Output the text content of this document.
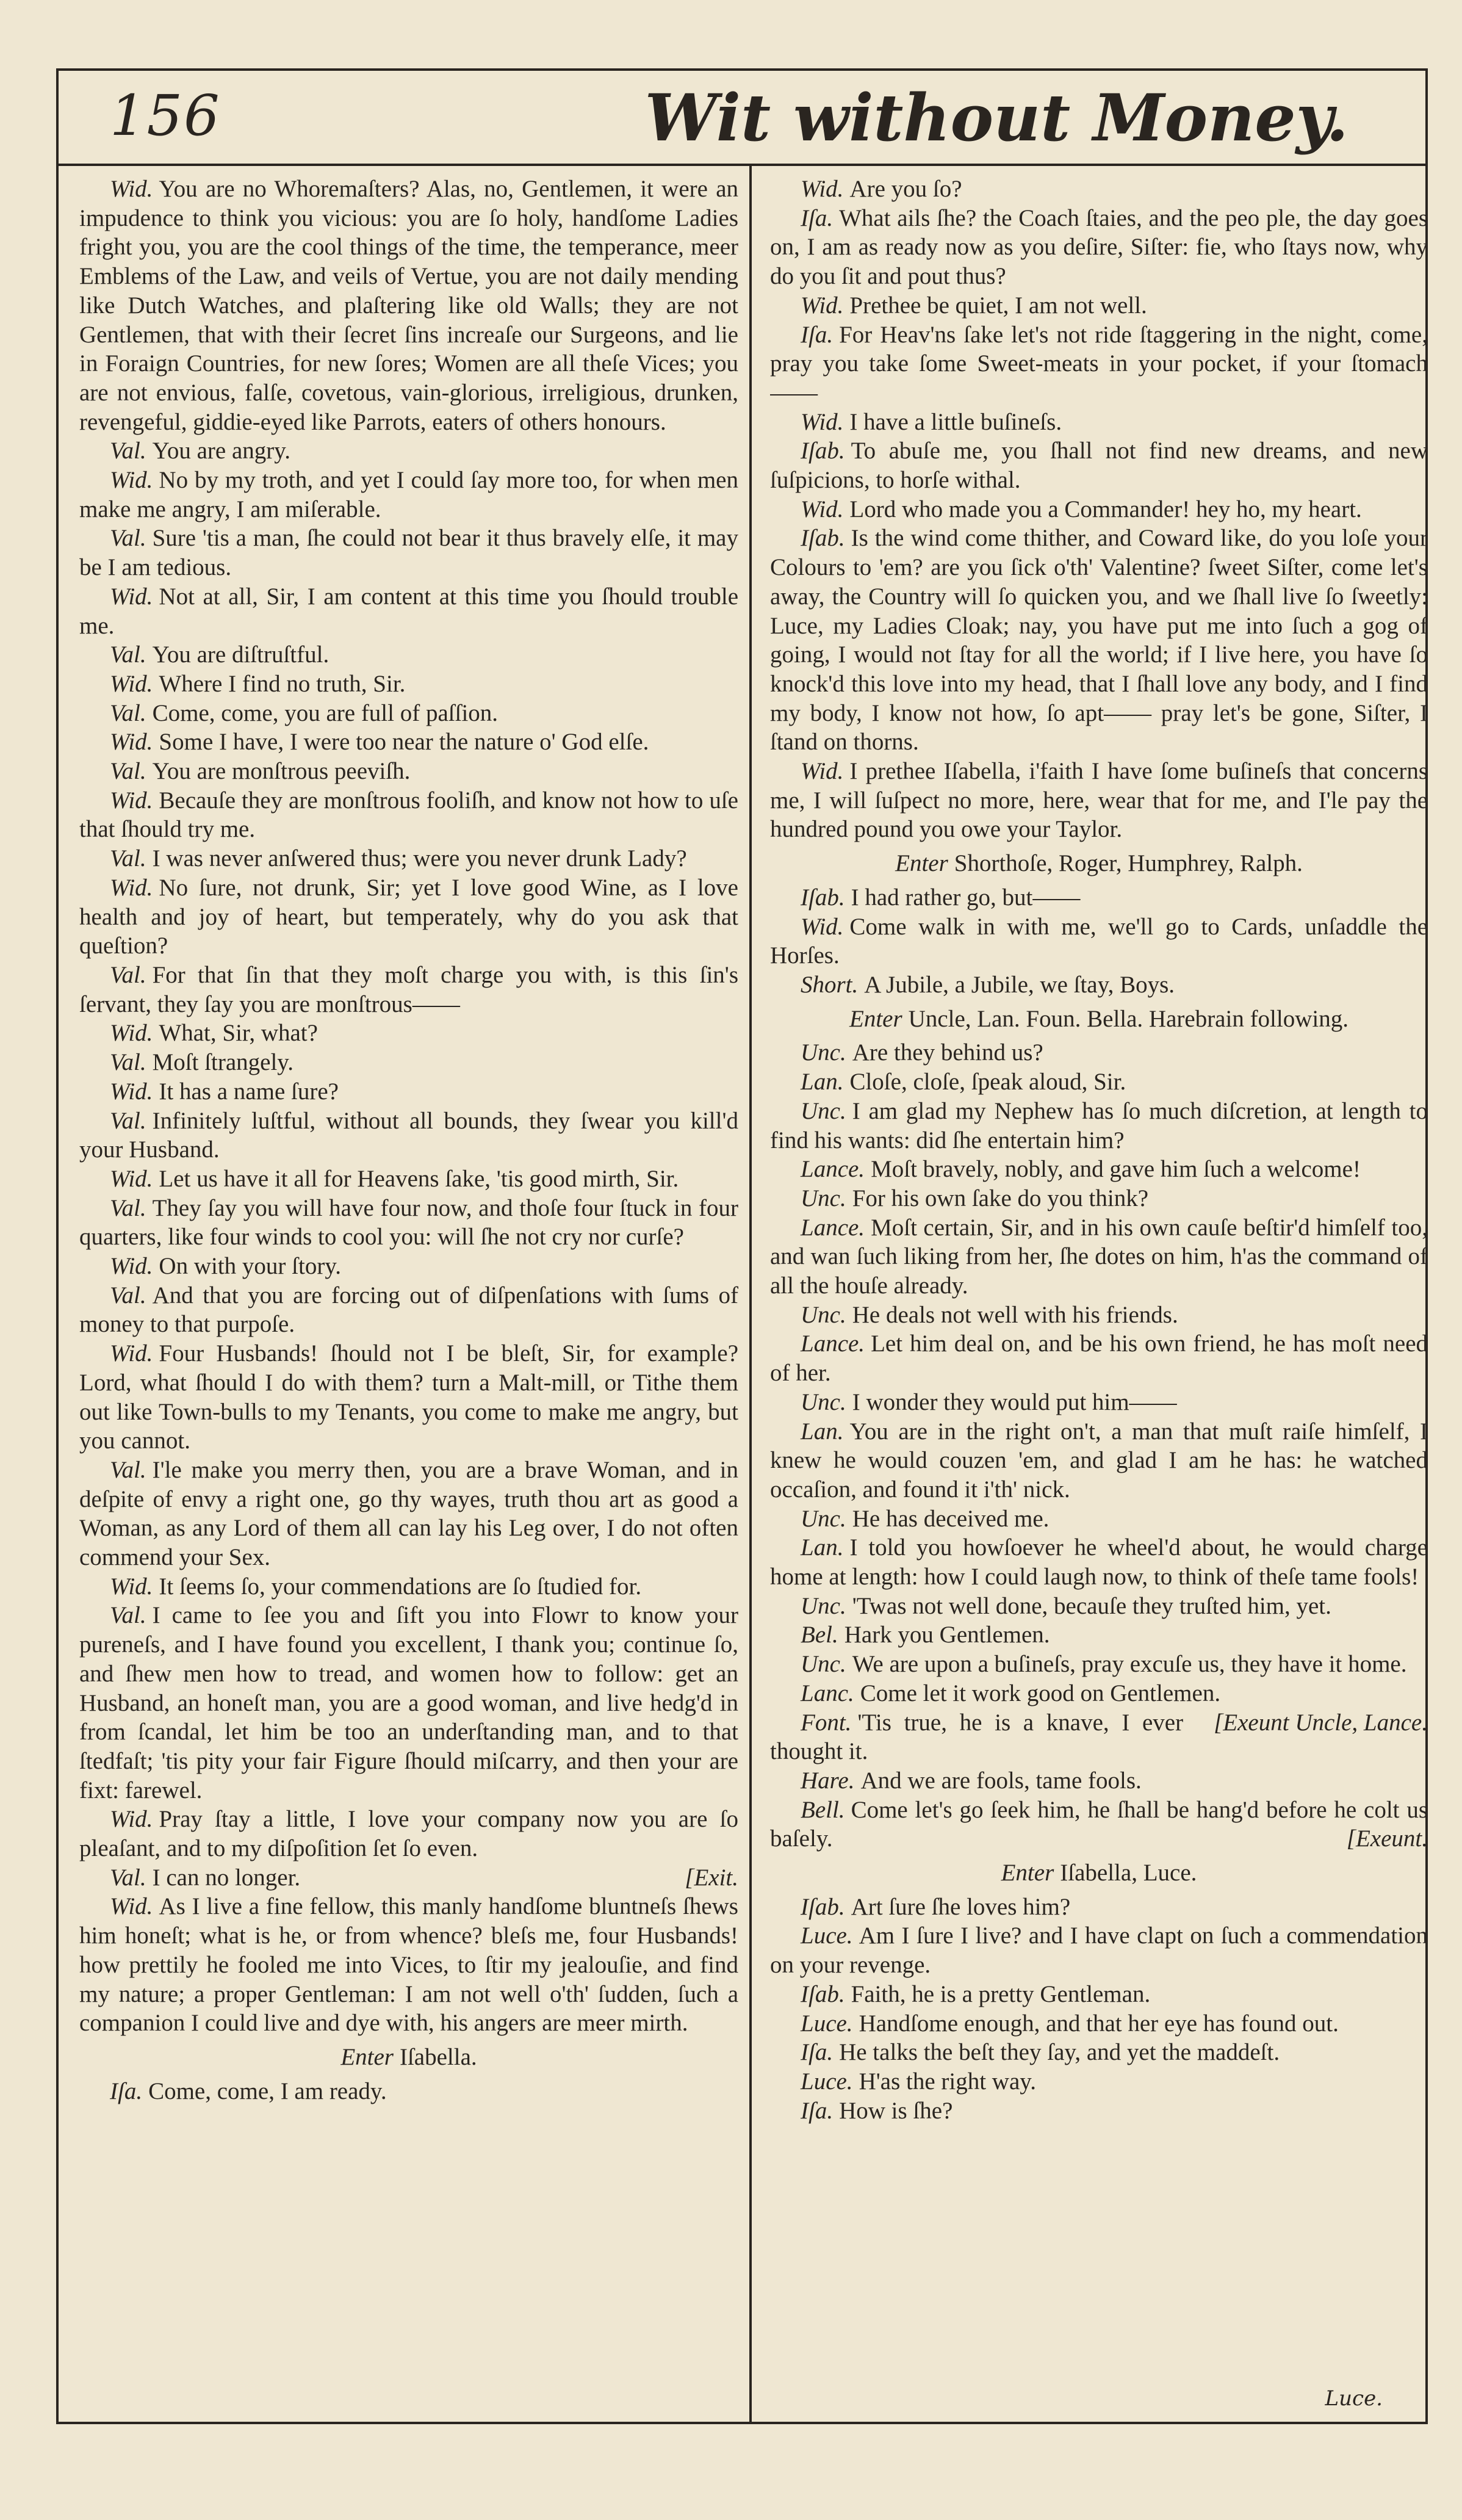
156	Wit without Money.

Wid. You are no Whoremaſters? Alas, no, Gentlemen, it were an impudence to think you vicious: you are ſo holy, handſome Ladies fright you, you are the cool things of the time, the temperance, meer Emblems of the Law, and veils of Vertue, you are not daily mending like Dutch Watches, and plaſtering like old Walls; they are not Gentlemen, that with their ſecret ſins increaſe our Surgeons, and lie in Foraign Countries, for new ſores; Women are all theſe Vices; you are not envious, falſe, covetous, vain-glorious, irreligious, drunken, revengeful, giddie-eyed like Parrots, eaters of others honours.

Val. You are angry.

Wid. No by my troth, and yet I could ſay more too, for when men make me angry, I am miſerable.

Val. Sure 'tis a man, ſhe could not bear it thus bravely elſe, it may be I am tedious.

Wid. Not at all, Sir, I am content at this time you ſhould trouble me.

Val. You are diſtruſtful.

Wid. Where I find no truth, Sir.

Val. Come, come, you are full of paſſion.

Wid. Some I have, I were too near the nature o' God elſe.

Val. You are monſtrous peeviſh.

Wid. Becauſe they are monſtrous fooliſh, and know not how to uſe that ſhould try me.

Val. I was never anſwered thus; were you never drunk Lady?

Wid. No ſure, not drunk, Sir; yet I love good Wine, as I love health and joy of heart, but temperately, why do you ask that queſtion?

Val. For that ſin that they moſt charge you with, is this ſin's ſervant, they ſay you are monſtrous——

Wid. What, Sir, what?

Val. Moſt ſtrangely.

Wid. It has a name ſure?

Val. Infinitely luſtful, without all bounds, they ſwear you kill'd your Husband.

Wid. Let us have it all for Heavens ſake, 'tis good mirth, Sir.

Val. They ſay you will have four now, and thoſe four ſtuck in four quarters, like four winds to cool you: will ſhe not cry nor curſe?

Wid. On with your ſtory.

Val. And that you are forcing out of diſpenſations with ſums of money to that purpoſe.

Wid. Four Husbands! ſhould not I be bleſt, Sir, for example? Lord, what ſhould I do with them? turn a Malt-mill, or Tithe them out like Town-bulls to my Tenants, you come to make me angry, but you cannot.

Val. I'le make you merry then, you are a brave Woman, and in deſpite of envy a right one, go thy wayes, truth thou art as good a Woman, as any Lord of them all can lay his Leg over, I do not often commend your Sex.

Wid. It ſeems ſo, your commendations are ſo ſtudied for.

Val. I came to ſee you and ſift you into Flowr to know your pureneſs, and I have found you excellent, I thank you; continue ſo, and ſhew men how to tread, and women how to follow: get an Husband, an honeſt man, you are a good woman, and live hedg'd in from ſcandal, let him be too an underſtanding man, and to that ſtedfaſt; 'tis pity your fair Figure ſhould miſcarry, and then your are fixt: farewel.

Wid. Pray ſtay a little, I love your company now you are ſo pleaſant, and to my diſpoſition ſet ſo even.

Val. I can no longer.	[Exit.

Wid. As I live a fine fellow, this manly handſome bluntneſs ſhews him honeſt; what is he, or from whence? bleſs me, four Husbands! how prettily he fooled me into Vices, to ſtir my jealouſie, and find my nature; a proper Gentleman: I am not well o'th' ſudden, ſuch a companion I could live and dye with, his angers are meer mirth.

Enter Iſabella.

Iſa. Come, come, I am ready.

Wid. Are you ſo?

Iſa. What ails ſhe? the Coach ſtaies, and the peo ple, the day goes on, I am as ready now as you deſire, Siſter: fie, who ſtays now, why do you ſit and pout thus?

Wid. Prethee be quiet, I am not well.

Iſa. For Heav'ns ſake let's not ride ſtaggering in the night, come, pray you take ſome Sweet-meats in your pocket, if your ſtomach——

Wid. I have a little buſineſs.

Iſab. To abuſe me, you ſhall not find new dreams, and new ſuſpicions, to horſe withal.

Wid. Lord who made you a Commander! hey ho, my heart.

Iſab. Is the wind come thither, and Coward like, do you loſe your Colours to 'em? are you ſick o'th' Valentine? ſweet Siſter, come let's away, the Country will ſo quicken you, and we ſhall live ſo ſweetly: Luce, my Ladies Cloak; nay, you have put me into ſuch a gog of going, I would not ſtay for all the world; if I live here, you have ſo knock'd this love into my head, that I ſhall love any body, and I find my body, I know not how, ſo apt—— pray let's be gone, Siſter, I ſtand on thorns.

Wid. I prethee Iſabella, i'faith I have ſome buſineſs that concerns me, I will ſuſpect no more, here, wear that for me, and I'le pay the hundred pound you owe your Taylor.

Enter Shorthoſe, Roger, Humphrey, Ralph.

Iſab. I had rather go, but——

Wid. Come walk in with me, we'll go to Cards, unſaddle the Horſes.

Short. A Jubile, a Jubile, we ſtay, Boys.

Enter Uncle, Lan. Foun. Bella. Harebrain following.

Unc. Are they behind us?

Lan. Cloſe, cloſe, ſpeak aloud, Sir.

Unc. I am glad my Nephew has ſo much diſcretion, at length to find his wants: did ſhe entertain him?

Lance. Moſt bravely, nobly, and gave him ſuch a welcome!

Unc. For his own ſake do you think?

Lance. Moſt certain, Sir, and in his own cauſe beſtir'd himſelf too, and wan ſuch liking from her, ſhe dotes on him, h'as the command of all the houſe already.

Unc. He deals not well with his friends.

Lance. Let him deal on, and be his own friend, he has moſt need of her.

Unc. I wonder they would put him——

Lan. You are in the right on't, a man that muſt raiſe himſelf, I knew he would couzen 'em, and glad I am he has: he watched occaſion, and found it i'th' nick.

Unc. He has deceived me.

Lan. I told you howſoever he wheel'd about, he would charge home at length: how I could laugh now, to think of theſe tame fools!

Unc. 'Twas not well done, becauſe they truſted him, yet.

Bel. Hark you Gentlemen.

Unc. We are upon a buſineſs, pray excuſe us, they have it home.

Lanc. Come let it work good on Gentlemen.
[Exeunt Uncle, Lance.

Font. 'Tis true, he is a knave, I ever thought it.

Hare. And we are fools, tame fools.

Bell. Come let's go ſeek him, he ſhall be hang'd before he colt us baſely.	[Exeunt.

Enter Iſabella, Luce.

Iſab. Art ſure ſhe loves him?

Luce. Am I ſure I live? and I have clapt on ſuch a commendation on your revenge.

Iſab. Faith, he is a pretty Gentleman.

Luce. Handſome enough, and that her eye has found out.

Iſa. He talks the beſt they ſay, and yet the maddeſt.

Luce. H'as the right way.

Iſa. How is ſhe?

Luce.
